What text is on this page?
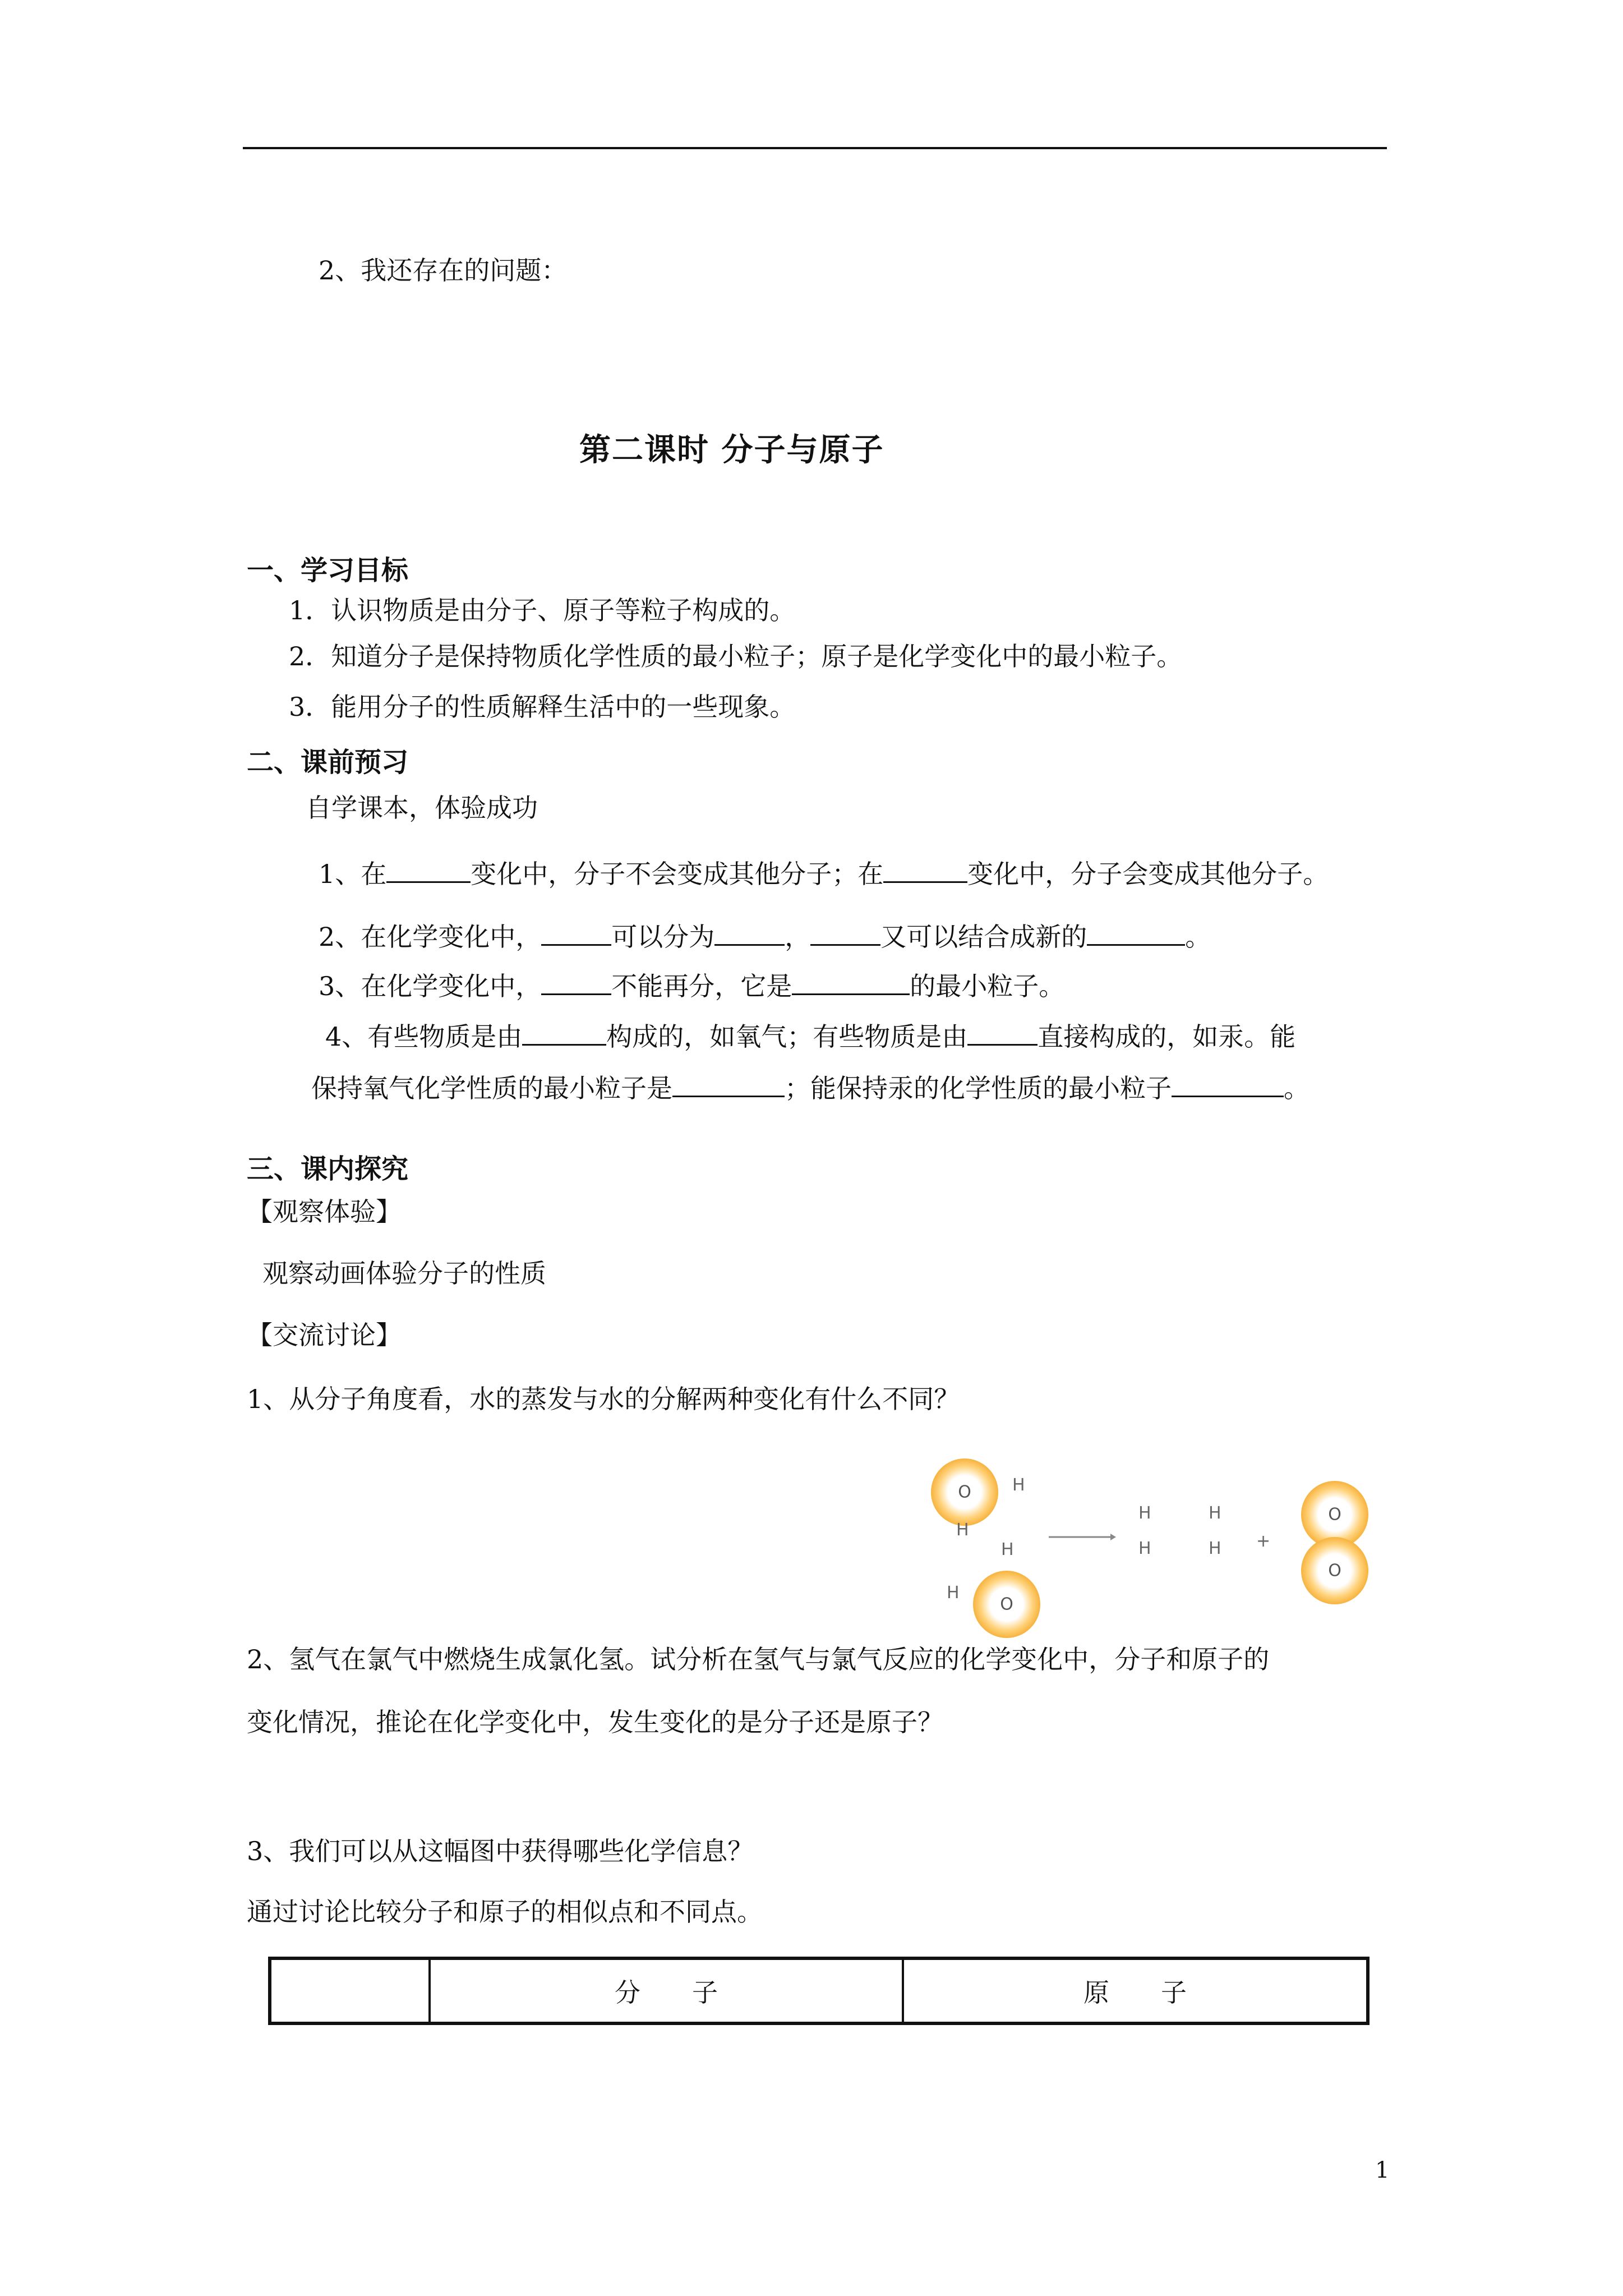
2、我还存在的问题：
第二课时 分子与原子
一、学习目标
1．认识物质是由分子、原子等粒子构成的。
2．知道分子是保持物质化学性质的最小粒子；原子是化学变化中的最小粒子。
3．能用分子的性质解释生活中的一些现象。
二、课前预习
自学课本，体验成功
1、在	变化中，分子不会变成其他分子；在	变化中，分子会变成其他分子。
2、在化学变化中，	可以分为	，	又可以结合成新的	。
3、在化学变化中，	不能再分，它是	的最小粒子。
4、有些物质是由	构成的，如氧气；有些物质是由	直接构成的，如汞。能
保持氧气化学性质的最小粒子是	；能保持汞的化学性质的最小粒子	。
三、课内探究
【观察体验】
观察动画体验分子的性质
【交流讨论】
1、从分子角度看，水的蒸发与水的分解两种变化有什么不同？
O	H
H
H
H
O
H	H
H	H +
O
O
2、氢气在氯气中燃烧生成氯化氢。试分析在氢气与氯气反应的化学变化中，分子和原子的
变化情况，推论在化学变化中，发生变化的是分子还是原子？
3、我们可以从这幅图中获得哪些化学信息？
通过讨论比较分子和原子的相似点和不同点。
	分　　子	原　　子
1
